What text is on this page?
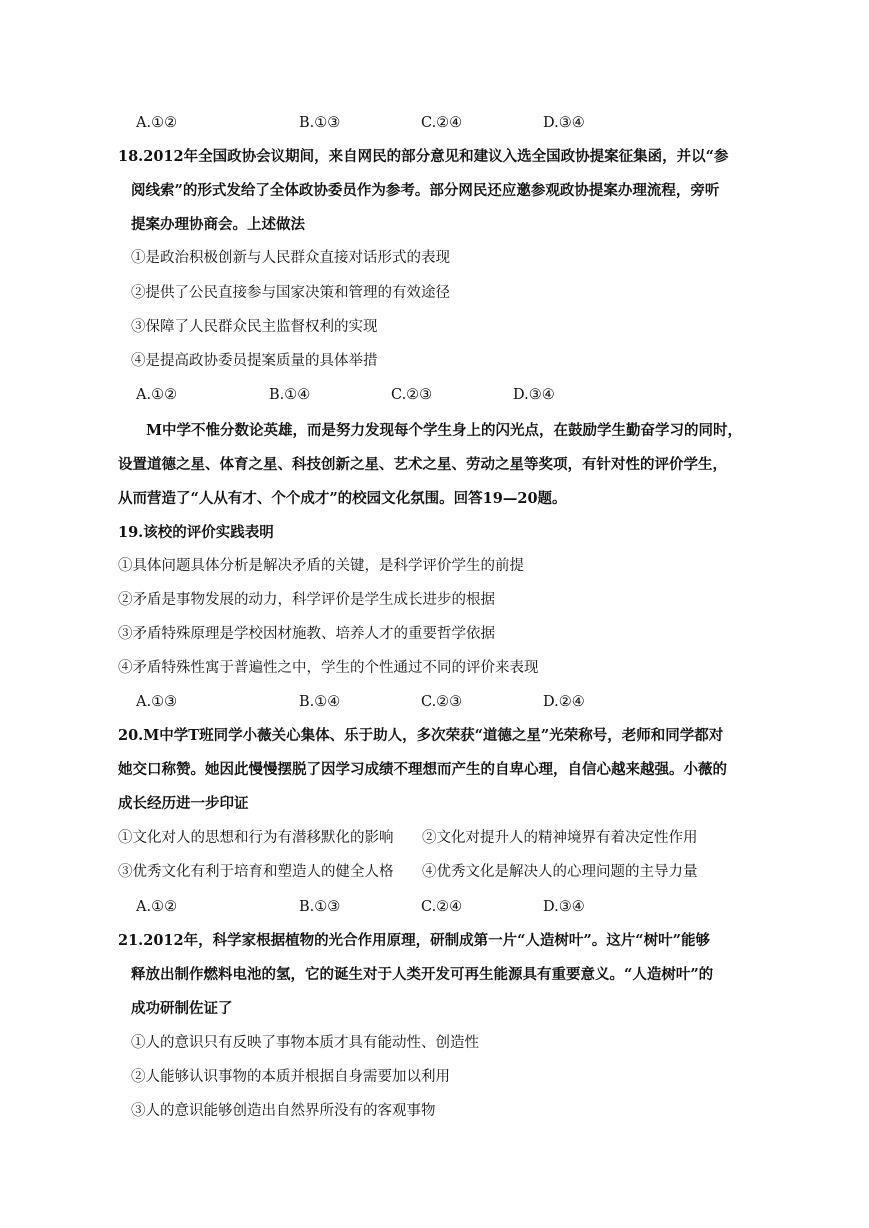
A.①②	B.①③	C.②④	D.③④
18.2012年全国政协会议期间，来自网民的部分意见和建议入选全国政协提案征集函，并以“参
阅线索”的形式发给了全体政协委员作为参考。部分网民还应邀参观政协提案办理流程，旁听
提案办理协商会。上述做法
①是政治积极创新与人民群众直接对话形式的表现
②提供了公民直接参与国家决策和管理的有效途径
③保障了人民群众民主监督权利的实现
④是提高政协委员提案质量的具体举措
A.①②	B.①④	C.②③	D.③④
M中学不惟分数论英雄，而是努力发现每个学生身上的闪光点，在鼓励学生勤奋学习的同时，
设置道德之星、体育之星、科技创新之星、艺术之星、劳动之星等奖项，有针对性的评价学生，
从而营造了“人从有才、个个成才”的校园文化氛围。回答19—20题。
19.该校的评价实践表明
①具体问题具体分析是解决矛盾的关键，是科学评价学生的前提
②矛盾是事物发展的动力，科学评价是学生成长进步的根据
③矛盾特殊原理是学校因材施教、培养人才的重要哲学依据
④矛盾特殊性寓于普遍性之中，学生的个性通过不同的评价来表现
A.①③	B.①④	C.②③	D.②④
20.M中学T班同学小薇关心集体、乐于助人，多次荣获“道德之星”光荣称号，老师和同学都对
她交口称赞。她因此慢慢摆脱了因学习成绩不理想而产生的自卑心理，自信心越来越强。小薇的
成长经历进一步印证
①文化对人的思想和行为有潜移默化的影响 ②文化对提升人的精神境界有着决定性作用
③优秀文化有利于培育和塑造人的健全人格 ④优秀文化是解决人的心理问题的主导力量
A.①②	B.①③	C.②④	D.③④
21.2012年，科学家根据植物的光合作用原理，研制成第一片“人造树叶”。这片“树叶”能够
释放出制作燃料电池的氢，它的诞生对于人类开发可再生能源具有重要意义。“人造树叶”的
成功研制佐证了
①人的意识只有反映了事物本质才具有能动性、创造性
②人能够认识事物的本质并根据自身需要加以利用
③人的意识能够创造出自然界所没有的客观事物
